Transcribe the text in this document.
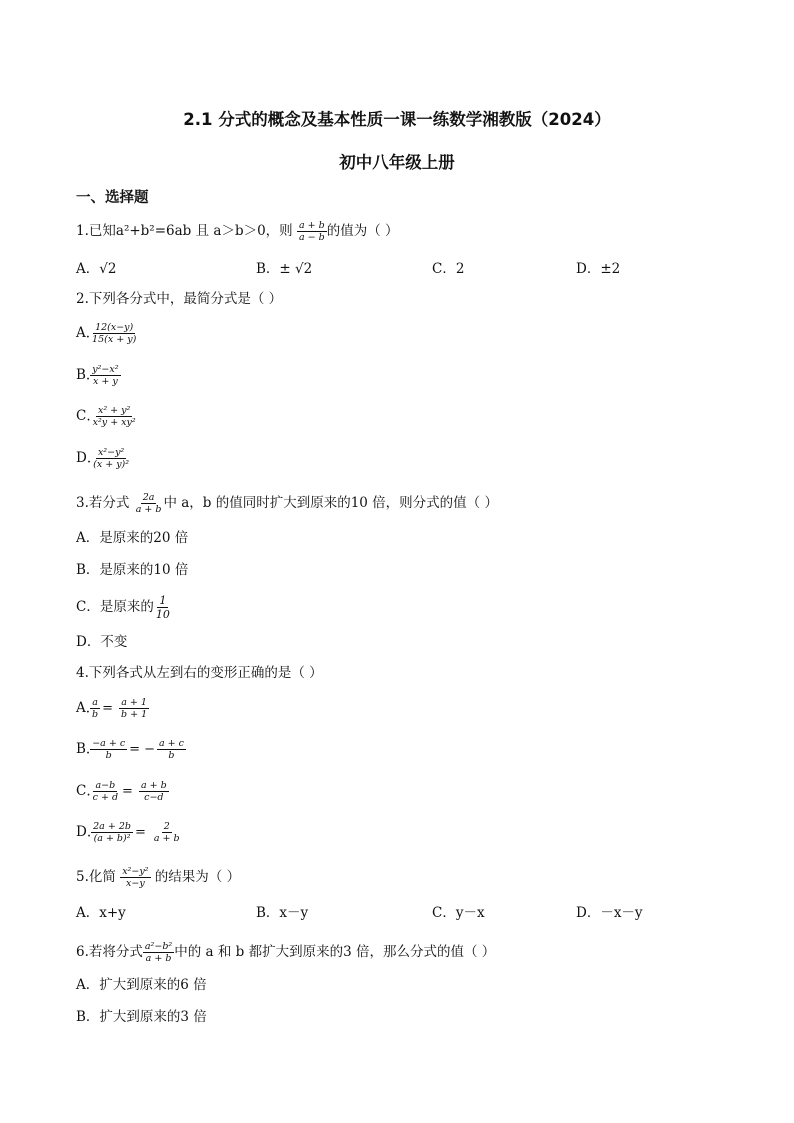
2.1 分式的概念及基本性质一课一练数学湘教版（2024）
初中八年级上册
一、选择题
1.已知a²+b²=6ab 且 a＞b＞0，则 $\frac{a + b}{a - b}$ 的值为（ ）
A．√2	B．± √2	C．2	D．±2
2.下列各分式中，最简分式是（ ）
A. $\frac{12(x-y)}{15(x + y)}$
B. $\frac{\text{y²−x²}}{x + y}$
C. $\frac{\text{x² + y²}}{\text{x²y + xy²}}$
D. $\frac{\text{x²−y²}}{\text{(x + y)²}}$
3.若分式 $\frac{2a}{a + b}$ 中 a，b 的值同时扩大到原来的10 倍，则分式的值（ ）
A．是原来的20 倍
B．是原来的10 倍
C．是原来的 $\frac{1}{10}$
D．不变
4.下列各式从左到右的变形正确的是（ ）
A. $\frac{a}{b} = \frac{a + 1}{b + 1}$
B. $\frac{-a + c}{b}$ = − $\frac{a + c}{b}$
C. $\frac{a-b}{c + d} = \frac{a + b}{c-d}$
D. $\frac{2a + 2b}{\text{(a + b)²}} = \frac{2}{a + b}$
5.化简 $\frac{\text{x²−y²}}{x-y}$ 的结果为（ ）
A．x+y	B．x－y	C．y－x	D．－x－y
6.若将分式 $\frac{\text{a²−b²}}{a + b}$ 中的 a 和 b 都扩大到原来的3 倍，那么分式的值（ ）
A．扩大到原来的6 倍
B．扩大到原来的3 倍
